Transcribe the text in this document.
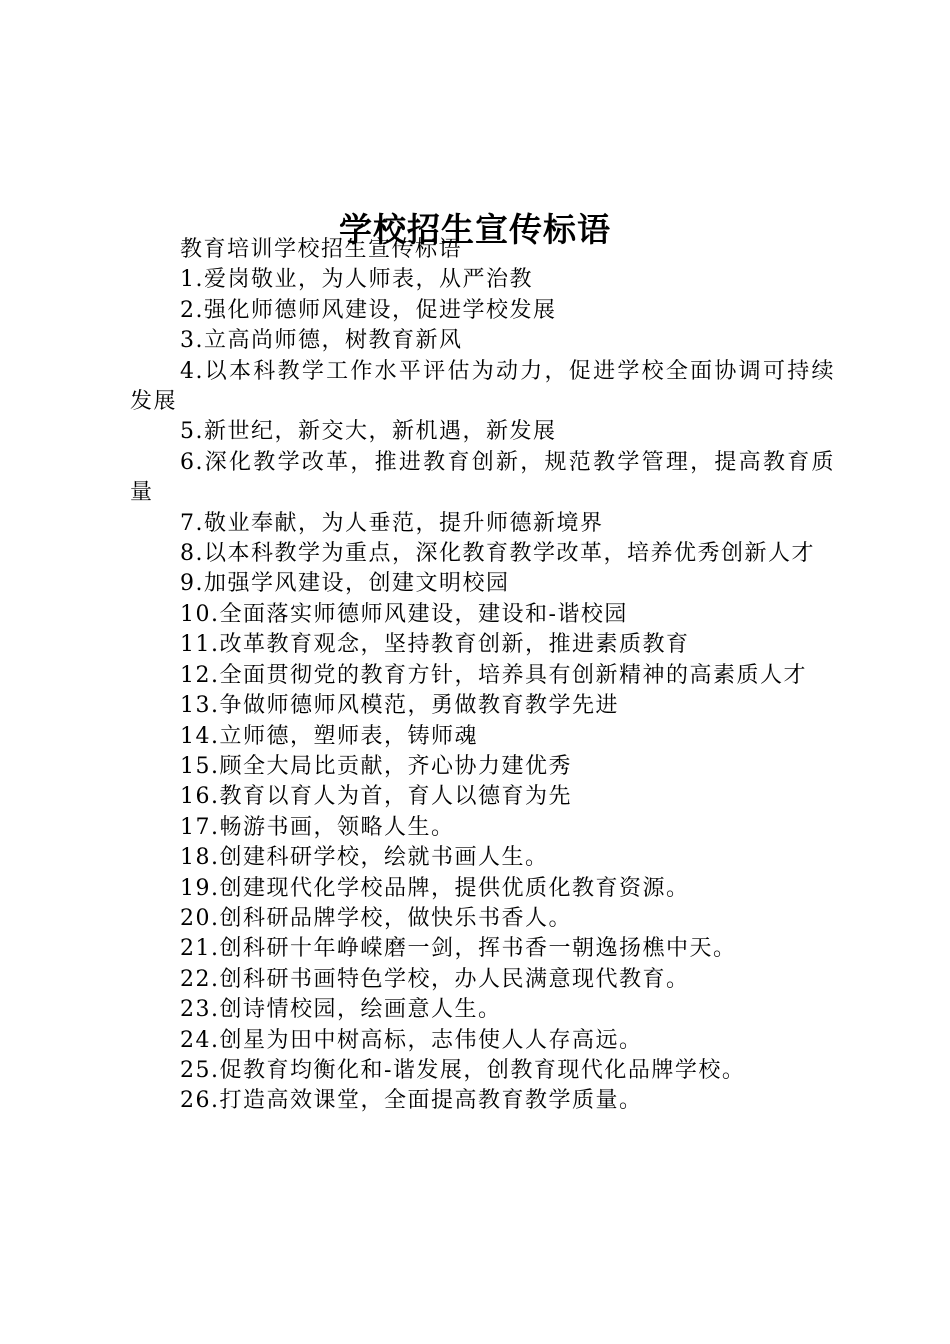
学校招生宣传标语

教育培训学校招生宣传标语

1.爱岗敬业，为人师表，从严治教

2.强化师德师风建设，促进学校发展

3.立高尚师德，树教育新风

4.以本科教学工作水平评估为动力，促进学校全面协调可持续发展

5.新世纪，新交大，新机遇，新发展

6.深化教学改革，推进教育创新，规范教学管理，提高教育质量

7.敬业奉献，为人垂范，提升师德新境界

8.以本科教学为重点，深化教育教学改革，培养优秀创新人才

9.加强学风建设，创建文明校园

10.全面落实师德师风建设，建设和-谐校园

11.改革教育观念，坚持教育创新，推进素质教育

12.全面贯彻党的教育方针，培养具有创新精神的高素质人才

13.争做师德师风模范，勇做教育教学先进

14.立师德，塑师表，铸师魂

15.顾全大局比贡献，齐心协力建优秀

16.教育以育人为首，育人以德育为先

17.畅游书画，领略人生。

18.创建科研学校，绘就书画人生。

19.创建现代化学校品牌，提供优质化教育资源。

20.创科研品牌学校，做快乐书香人。

21.创科研十年峥嵘磨一剑，挥书香一朝逸扬樵中天。

22.创科研书画特色学校，办人民满意现代教育。

23.创诗情校园，绘画意人生。

24.创星为田中树高标，志伟使人人存高远。

25.促教育均衡化和-谐发展，创教育现代化品牌学校。

26.打造高效课堂，全面提高教育教学质量。
